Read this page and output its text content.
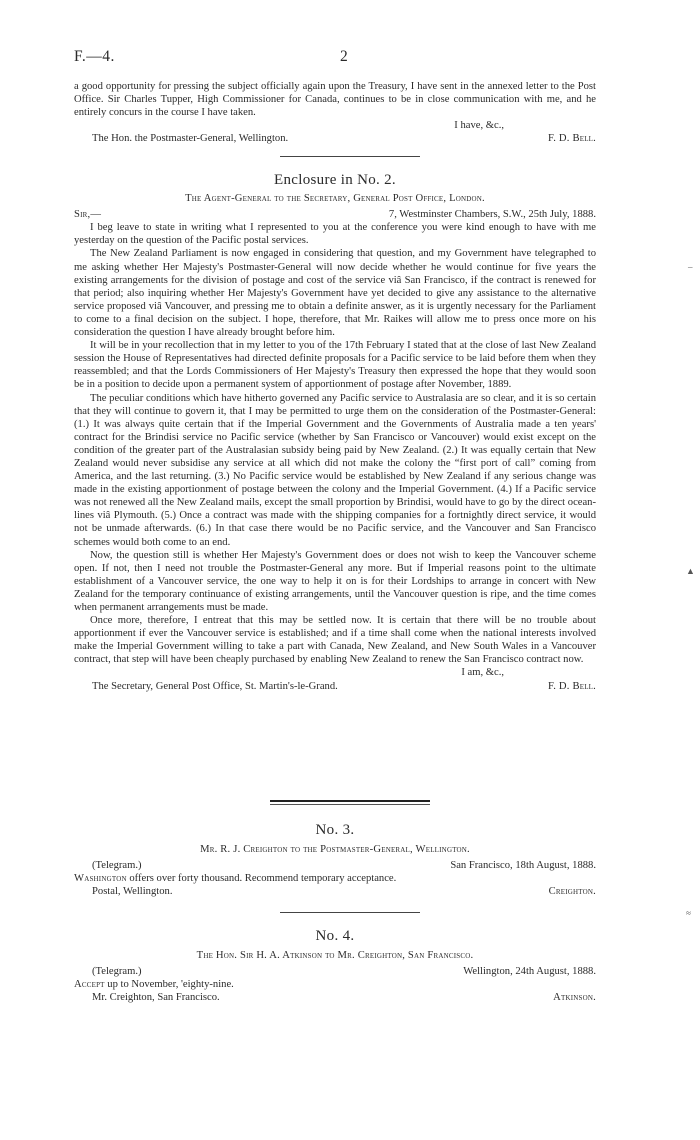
F.—4.	2

a good opportunity for pressing the subject officially again upon the Treasury, I have sent in the annexed letter to the Post Office. Sir Charles Tupper, High Commissioner for Canada, continues to be in close communication with me, and he entirely concurs in the course I have taken.

I have, &c.,
The Hon. the Postmaster-General, Wellington.	F. D. Bell.
Enclosure in No. 2.
The Agent-General to the Secretary, General Post Office, London.
Sir,—	7, Westminster Chambers, S.W., 25th July, 1888.

I beg leave to state in writing what I represented to you at the conference you were kind enough to have with me yesterday on the question of the Pacific postal services.

The New Zealand Parliament is now engaged in considering that question, and my Government have telegraphed to me asking whether Her Majesty's Postmaster-General will now decide whether he would continue for five years the existing arrangements for the division of postage and cost of the service viâ San Francisco, if the contract is renewed for that period; also inquiring whether Her Majesty's Government have yet decided to give any assistance to the alternative service proposed viâ Vancouver, and pressing me to obtain a definite answer, as it is urgently necessary for the Parliament to come to a final decision on the subject. I hope, therefore, that Mr. Raikes will allow me to press once more on his consideration the question I have already brought before him.

It will be in your recollection that in my letter to you of the 17th February I stated that at the close of last New Zealand session the House of Representatives had directed definite proposals for a Pacific service to be laid before them when they reassembled; and that the Lords Commissioners of Her Majesty's Treasury then expressed the hope that they would soon be in a position to decide upon a permanent system of apportionment of postage after November, 1889.

The peculiar conditions which have hitherto governed any Pacific service to Australasia are so clear, and it is so certain that they will continue to govern it, that I may be permitted to urge them on the consideration of the Postmaster-General: (1.) It was always quite certain that if the Imperial Government and the Governments of Australia made a ten years' contract for the Brindisi service no Pacific service (whether by San Francisco or Vancouver) would exist except on the condition of the greater part of the Australasian subsidy being paid by New Zealand. (2.) It was equally certain that New Zealand would never subsidise any service at all which did not make the colony the “first port of call” coming from America, and the last returning. (3.) No Pacific service would be established by New Zealand if any serious change was made in the existing apportionment of postage between the colony and the Imperial Government. (4.) If a Pacific service was not renewed all the New Zealand mails, except the small proportion by Brindisi, would have to go by the direct ocean-lines viâ Plymouth. (5.) Once a contract was made with the shipping companies for a fortnightly direct service, it would not be unmade afterwards. (6.) In that case there would be no Pacific service, and the Vancouver and San Francisco schemes would both come to an end.

Now, the question still is whether Her Majesty's Government does or does not wish to keep the Vancouver scheme open. If not, then I need not trouble the Postmaster-General any more. But if Imperial reasons point to the ultimate establishment of a Vancouver service, the one way to help it on is for their Lordships to arrange in concert with New Zealand for the temporary continuance of existing arrangements, until the Vancouver question is ripe, and the time comes when permanent arrangements must be made.

Once more, therefore, I entreat that this may be settled now. It is certain that there will be no trouble about apportionment if ever the Vancouver service is established; and if a time shall come when the national interests involved make the Imperial Government willing to take a part with Canada, New Zealand, and New South Wales in a Vancouver contract, that step will have been cheaply purchased by enabling New Zealand to renew the San Francisco contract now.

I am, &c.,
The Secretary, General Post Office, St. Martin's-le-Grand.	F. D. Bell.
No. 3.
Mr. R. J. Creighton to the Postmaster-General, Wellington.
(Telegram.)	San Francisco, 18th August, 1888.
Washington offers over forty thousand. Recommend temporary acceptance.
Postal, Wellington.	Creighton.
No. 4.
The Hon. Sir H. A. Atkinson to Mr. Creighton, San Francisco.
(Telegram.)	Wellington, 24th August, 1888.
Accept up to November, 'eighty-nine.
Mr. Creighton, San Francisco.	Atkinson.
–
▲
≈
